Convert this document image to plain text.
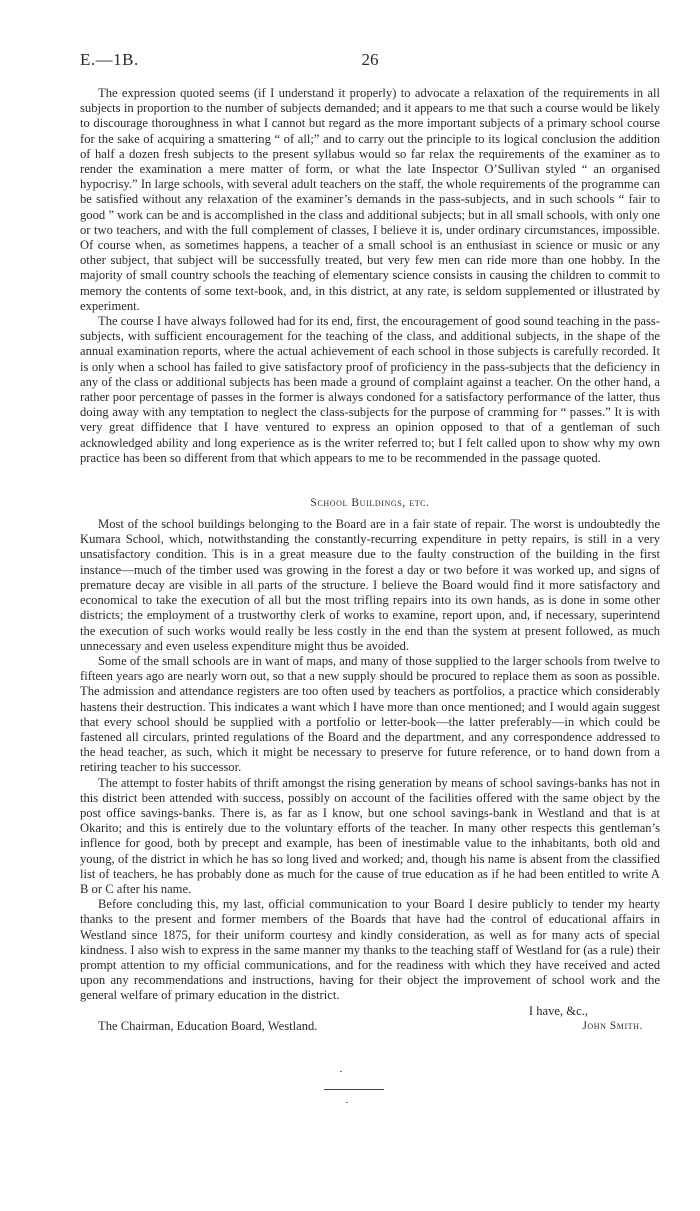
E.—1B.	26

The expression quoted seems (if I understand it properly) to advocate a relaxation of the requirements in all subjects in proportion to the number of subjects demanded; and it appears to me that such a course would be likely to discourage thoroughness in what I cannot but regard as the more important subjects of a primary school course for the sake of acquiring a smattering “ of all;” and to carry out the principle to its logical conclusion the addition of half a dozen fresh subjects to the present syllabus would so far relax the requirements of the examiner as to render the examination a mere matter of form, or what the late Inspector O’Sullivan styled “ an organised hypocrisy.” In large schools, with several adult teachers on the staff, the whole requirements of the programme can be satisfied without any relaxation of the examiner’s demands in the pass-subjects, and in such schools “ fair to good ” work can be and is accomplished in the class and additional subjects; but in all small schools, with only one or two teachers, and with the full complement of classes, I believe it is, under ordinary circumstances, impossible. Of course when, as sometimes happens, a teacher of a small school is an enthusiast in science or music or any other subject, that subject will be successfully treated, but very few men can ride more than one hobby. In the majority of small country schools the teaching of elementary science consists in causing the children to commit to memory the contents of some text-book, and, in this district, at any rate, is seldom supplemented or illustrated by experiment.

The course I have always followed had for its end, first, the encouragement of good sound teaching in the pass-subjects, with sufficient encouragement for the teaching of the class, and additional subjects, in the shape of the annual examination reports, where the actual achievement of each school in those subjects is carefully recorded. It is only when a school has failed to give satisfactory proof of proficiency in the pass-subjects that the deficiency in any of the class or additional subjects has been made a ground of complaint against a teacher. On the other hand, a rather poor percentage of passes in the former is always condoned for a satisfactory performance of the latter, thus doing away with any temptation to neglect the class-subjects for the purpose of cramming for “ passes.” It is with very great diffidence that I have ventured to express an opinion opposed to that of a gentleman of such acknowledged ability and long experience as is the writer referred to; but I felt called upon to show why my own practice has been so different from that which appears to me to be recommended in the passage quoted.

School Buildings, etc.

Most of the school buildings belonging to the Board are in a fair state of repair. The worst is undoubtedly the Kumara School, which, notwithstanding the constantly-recurring expenditure in petty repairs, is still in a very unsatisfactory condition. This is in a great measure due to the faulty construction of the building in the first instance—much of the timber used was growing in the forest a day or two before it was worked up, and signs of premature decay are visible in all parts of the structure. I believe the Board would find it more satisfactory and economical to take the execution of all but the most trifling repairs into its own hands, as is done in some other districts; the employment of a trustworthy clerk of works to examine, report upon, and, if necessary, superintend the execution of such works would really be less costly in the end than the system at present followed, as much unnecessary and even useless expenditure might thus be avoided.

Some of the small schools are in want of maps, and many of those supplied to the larger schools from twelve to fifteen years ago are nearly worn out, so that a new supply should be procured to replace them as soon as possible. The admission and attendance registers are too often used by teachers as portfolios, a practice which considerably hastens their destruction. This indicates a want which I have more than once mentioned; and I would again suggest that every school should be supplied with a portfolio or letter-book—the latter preferably—in which could be fastened all circulars, printed regulations of the Board and the department, and any correspondence addressed to the head teacher, as such, which it might be necessary to preserve for future reference, or to hand down from a retiring teacher to his successor.

The attempt to foster habits of thrift amongst the rising generation by means of school savings-banks has not in this district been attended with success, possibly on account of the facilities offered with the same object by the post office savings-banks. There is, as far as I know, but one school savings-bank in Westland and that is at Okarito; and this is entirely due to the voluntary efforts of the teacher. In many other respects this gentleman’s inflence for good, both by precept and example, has been of inestimable value to the inhabitants, both old and young, of the district in which he has so long lived and worked; and, though his name is absent from the classified list of teachers, he has probably done as much for the cause of true education as if he had been entitled to write A B or C after his name.

Before concluding this, my last, official communication to your Board I desire publicly to tender my hearty thanks to the present and former members of the Boards that have had the control of educational affairs in Westland since 1875, for their uniform courtesy and kindly consideration, as well as for many acts of special kindness. I also wish to express in the same manner my thanks to the teaching staff of Westland for (as a rule) their prompt attention to my official communications, and for the readiness with which they have received and acted upon any recommendations and instructions, having for their object the improvement of school work and the general welfare of primary education in the district.

I have, &c.,
The Chairman, Education Board, Westland.	John Smith.
